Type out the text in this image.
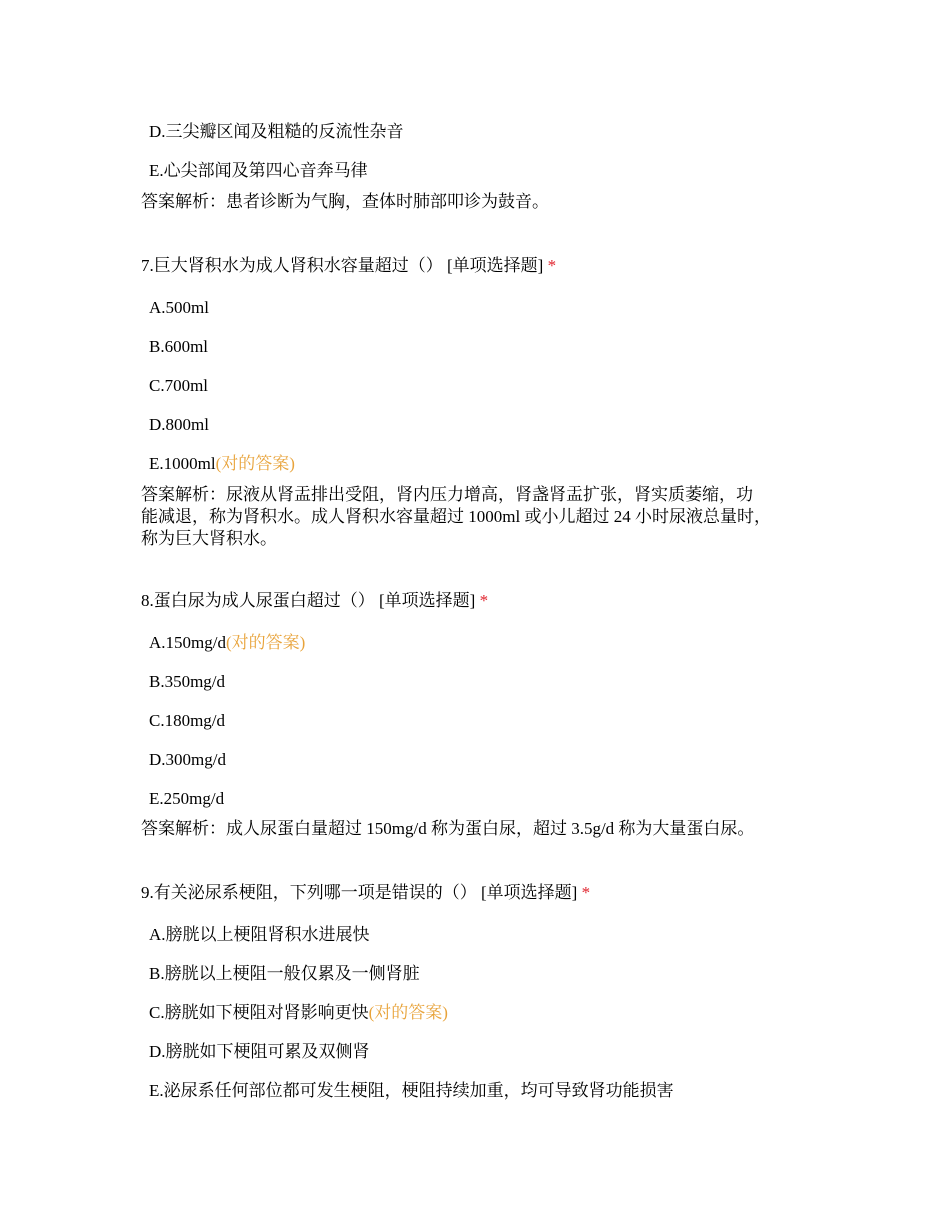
D.三尖瓣区闻及粗糙的反流性杂音
E.心尖部闻及第四心音奔马律
答案解析：患者诊断为气胸，查体时肺部叩诊为鼓音。
7.巨大肾积水为成人肾积水容量超过（） [单项选择题] *
A.500ml
B.600ml
C.700ml
D.800ml
E.1000ml(对的答案)
答案解析：尿液从肾盂排出受阻，肾内压力增高，肾盏肾盂扩张，肾实质萎缩，功
能减退，称为肾积水。成人肾积水容量超过 1000ml 或小儿超过 24 小时尿液总量时，
称为巨大肾积水。
8.蛋白尿为成人尿蛋白超过（） [单项选择题] *
A.150mg/d(对的答案)
B.350mg/d
C.180mg/d
D.300mg/d
E.250mg/d
答案解析：成人尿蛋白量超过 150mg/d 称为蛋白尿，超过 3.5g/d 称为大量蛋白尿。
9.有关泌尿系梗阻，下列哪一项是错误的（） [单项选择题] *
A.膀胱以上梗阻肾积水进展快
B.膀胱以上梗阻一般仅累及一侧肾脏
C.膀胱如下梗阻对肾影响更快(对的答案)
D.膀胱如下梗阻可累及双侧肾
E.泌尿系任何部位都可发生梗阻，梗阻持续加重，均可导致肾功能损害
